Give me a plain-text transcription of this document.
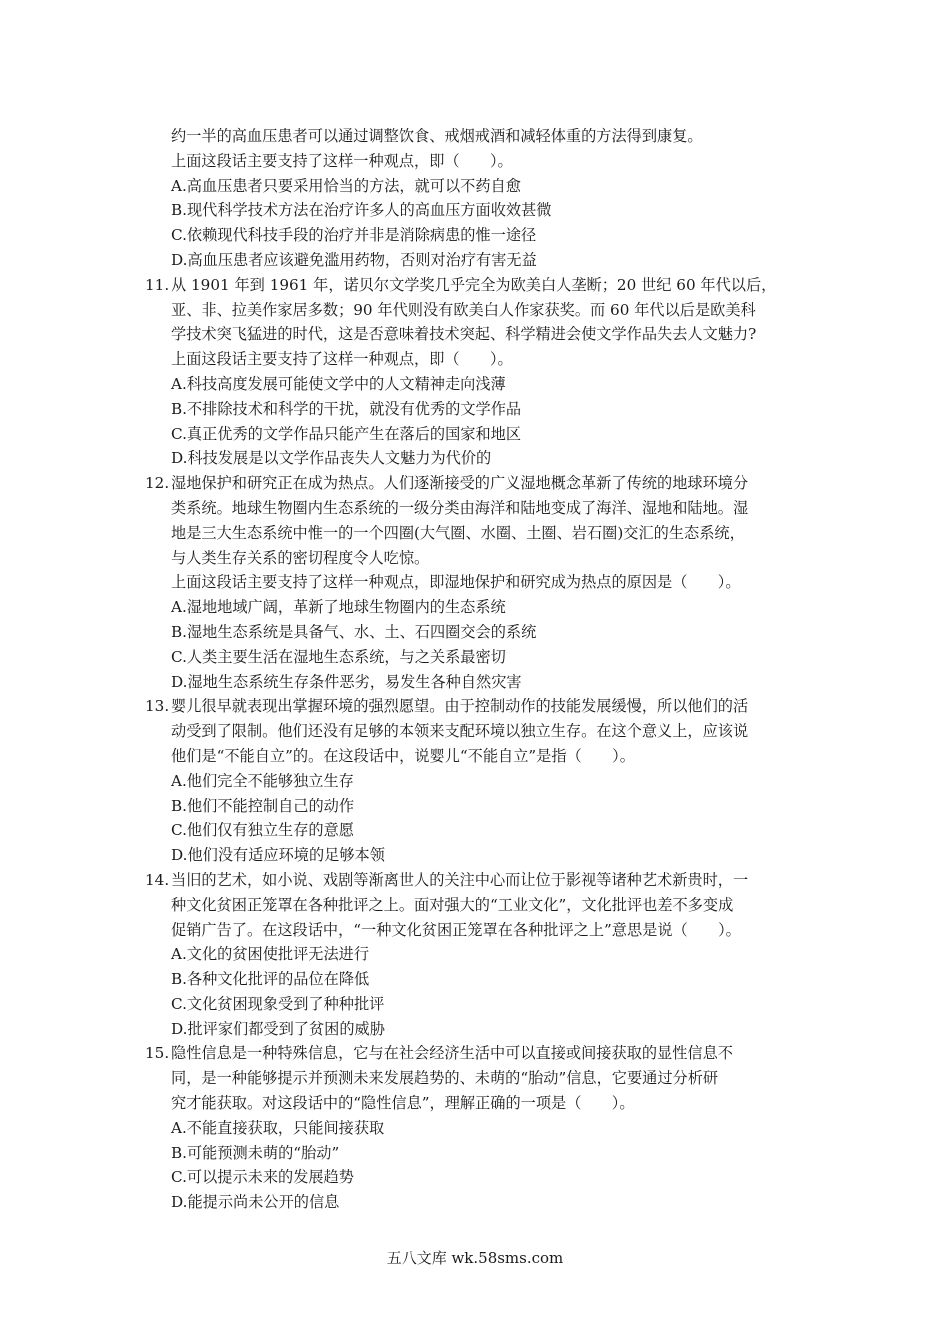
约一半的高血压患者可以通过调整饮食、戒烟戒酒和减轻体重的方法得到康复。
上面这段话主要支持了这样一种观点，即（　　）。
A.高血压患者只要采用恰当的方法，就可以不药自愈
B.现代科学技术方法在治疗许多人的高血压方面收效甚微
C.依赖现代科技手段的治疗并非是消除病患的惟一途径
D.高血压患者应该避免滥用药物，否则对治疗有害无益
11. 从 1901 年到 1961 年，诺贝尔文学奖几乎完全为欧美白人垄断；20 世纪 60 年代以后，
亚、非、拉美作家居多数；90 年代则没有欧美白人作家获奖。而 60 年代以后是欧美科
学技术突飞猛进的时代，这是否意味着技术突起、科学精进会使文学作品失去人文魅力?
上面这段话主要支持了这样一种观点，即（　　）。
A.科技高度发展可能使文学中的人文精神走向浅薄
B.不排除技术和科学的干扰，就没有优秀的文学作品
C.真正优秀的文学作品只能产生在落后的国家和地区
D.科技发展是以文学作品丧失人文魅力为代价的
12. 湿地保护和研究正在成为热点。人们逐渐接受的广义湿地概念革新了传统的地球环境分
类系统。地球生物圈内生态系统的一级分类由海洋和陆地变成了海洋、湿地和陆地。湿
地是三大生态系统中惟一的一个四圈(大气圈、水圈、土圈、岩石圈)交汇的生态系统，
与人类生存关系的密切程度令人吃惊。
上面这段话主要支持了这样一种观点，即湿地保护和研究成为热点的原因是（　　）。
A.湿地地域广阔，革新了地球生物圈内的生态系统
B.湿地生态系统是具备气、水、土、石四圈交会的系统
C.人类主要生活在湿地生态系统，与之关系最密切
D.湿地生态系统生存条件恶劣，易发生各种自然灾害
13. 婴儿很早就表现出掌握环境的强烈愿望。由于控制动作的技能发展缓慢，所以他们的活
动受到了限制。他们还没有足够的本领来支配环境以独立生存。在这个意义上，应该说
他们是“不能自立”的。在这段话中，说婴儿“不能自立”是指（　　）。
A.他们完全不能够独立生存
B.他们不能控制自己的动作
C.他们仅有独立生存的意愿
D.他们没有适应环境的足够本领
14. 当旧的艺术，如小说、戏剧等渐离世人的关注中心而让位于影视等诸种艺术新贵时，一
种文化贫困正笼罩在各种批评之上。面对强大的“工业文化”，文化批评也差不多变成
促销广告了。在这段话中，“一种文化贫困正笼罩在各种批评之上”意思是说（　　）。
A.文化的贫困使批评无法进行
B.各种文化批评的品位在降低
C.文化贫困现象受到了种种批评
D.批评家们都受到了贫困的威胁
15. 隐性信息是一种特殊信息，它与在社会经济生活中可以直接或间接获取的显性信息不
同，是一种能够提示并预测未来发展趋势的、未萌的“胎动”信息，它要通过分析研
究才能获取。对这段话中的“隐性信息”，理解正确的一项是（　　）。
A.不能直接获取，只能间接获取
B.可能预测未萌的“胎动”
C.可以提示未来的发展趋势
D.能提示尚未公开的信息
五八文库 wk.58sms.com
